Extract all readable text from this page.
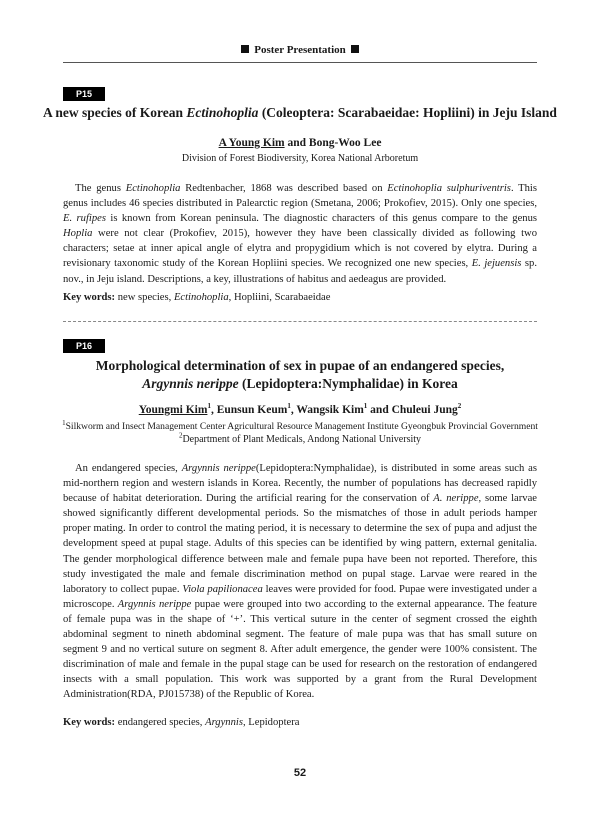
Poster Presentation
P15
A new species of Korean Ectinohoplia (Coleoptera: Scarabaeidae: Hopliini) in Jeju Island
A Young Kim and Bong-Woo Lee
Division of Forest Biodiversity, Korea National Arboretum

The genus Ectinohoplia Redtenbacher, 1868 was described based on Ectinohoplia sulphuriventris. This genus includes 46 species distributed in Palearctic region (Smetana, 2006; Prokofiev, 2015). Only one species, E. rufipes is known from Korean peninsula. The diagnostic characters of this genus compare to the genus Hoplia were not clear (Prokofiev, 2015), however they have been classically divided as following two characters; setae at inner apical angle of elytra and propygidium which is not covered by elytra. During a revisionary taxonomic study of the Korean Hopliini species. We recognized one new species, E. jejuensis sp. nov., in Jeju island. Descriptions, a key, illustrations of habitus and aedeagus are provided.

Key words: new species, Ectinohoplia, Hopliini, Scarabaeidae
P16
Morphological determination of sex in pupae of an endangered species,
Argynnis nerippe (Lepidoptera:Nymphalidae) in Korea
Youngmi Kim$^1$, Eunsun Keum$^1$, Wangsik Kim$^1$ and Chuleui Jung$^2$
$^1$Silkworm and Insect Management Center Agricultural Resource Management Institute Gyeongbuk Provincial Government
$^2$Department of Plant Medicals, Andong National University

An endangered species, Argynnis nerippe(Lepidoptera:Nymphalidae), is distributed in some areas such as mid-northern region and western islands in Korea. Recently, the number of populations has decreased rapidly because of habitat deterioration. During the artificial rearing for the conservation of A. nerippe, some larvae showed significantly different developmental periods. So the mismatches of those in adult periods hamper proper mating. In order to control the mating period, it is necessary to determine the sex of pupa and adjust the development speed at pupal stage. Adults of this species can be identified by wing pattern, external genitalia. The gender morphological difference between male and female pupa have been not reported. Therefore, this study investigated the male and female discrimination method on pupal stage. Larvae were reared in the laboratory to collect pupae. Viola papilionacea leaves were provided for food. Pupae were investigated under a microscope. Argynnis nerippe pupae were grouped into two according to the external appearance. The feature of female pupa was in the shape of ‘+’. This vertical suture in the center of segment crossed the eighth abdominal segment to nineth abdominal segment. The feature of male pupa was that has small suture on segment 9 and no vertical suture on segment 8. After adult emergence, the gender were 100% consistent. The discrimination of male and female in the pupal stage can be used for research on the restoration of endangered insects with a small population. This work was supported by a grant from the Rural Development Administration(RDA, PJ015738) of the Republic of Korea.

Key words: endangered species, Argynnis, Lepidoptera
52
